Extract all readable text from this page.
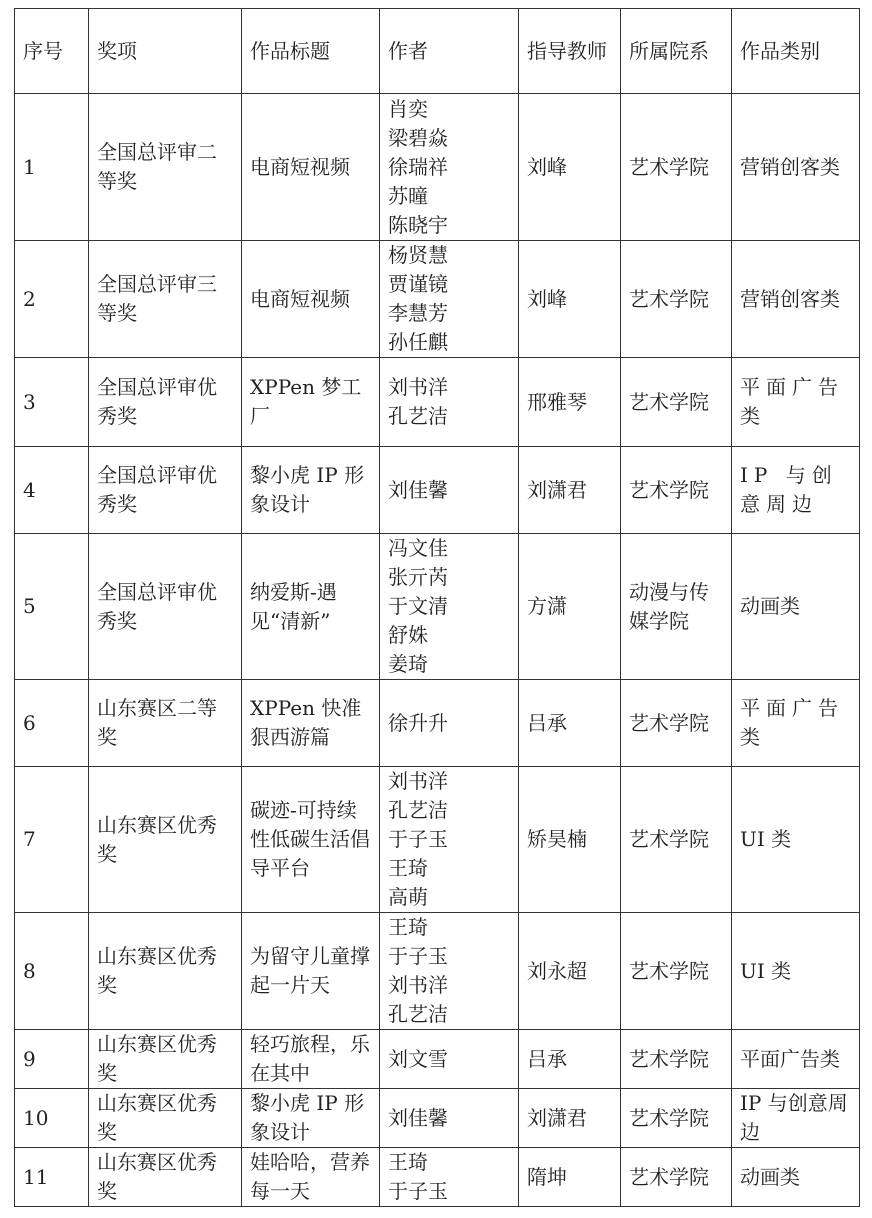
序号	奖项	作品标题	作者	指导教师	所属院系	作品类别
1	全国总评审二等奖	电商短视频	肖奕
梁碧焱
徐瑞祥
苏曈
陈晓宇	刘峰	艺术学院	营销创客类
2	全国总评审三等奖	电商短视频	杨贤慧
贾谨镜
李慧芳
孙任麒	刘峰	艺术学院	营销创客类
3	全国总评审优秀奖	XPPen 梦工厂	刘书洋
孔艺洁	邢雅琴	艺术学院	平面广告类
4	全国总评审优秀奖	黎小虎 IP 形象设计	刘佳馨	刘潇君	艺术学院	IP 与创意周边
5	全国总评审优秀奖	纳爱斯-遇见“清新”	冯文佳
张亓芮
于文清
舒姝
姜琦	方潇	动漫与传媒学院	动画类
6	山东赛区二等奖	XPPen 快准狠西游篇	徐升升	吕承	艺术学院	平面广告类
7	山东赛区优秀奖	碳迹-可持续性低碳生活倡导平台	刘书洋
孔艺洁
于子玉
王琦
高萌	矫昊楠	艺术学院	UI 类
8	山东赛区优秀奖	为留守儿童撑起一片天	王琦
于子玉
刘书洋
孔艺洁	刘永超	艺术学院	UI 类
9	山东赛区优秀奖	轻巧旅程，乐在其中	刘文雪	吕承	艺术学院	平面广告类
10	山东赛区优秀奖	黎小虎 IP 形象设计	刘佳馨	刘潇君	艺术学院	IP 与创意周边
11	山东赛区优秀奖	娃哈哈，营养每一天	王琦
于子玉	隋坤	艺术学院	动画类
